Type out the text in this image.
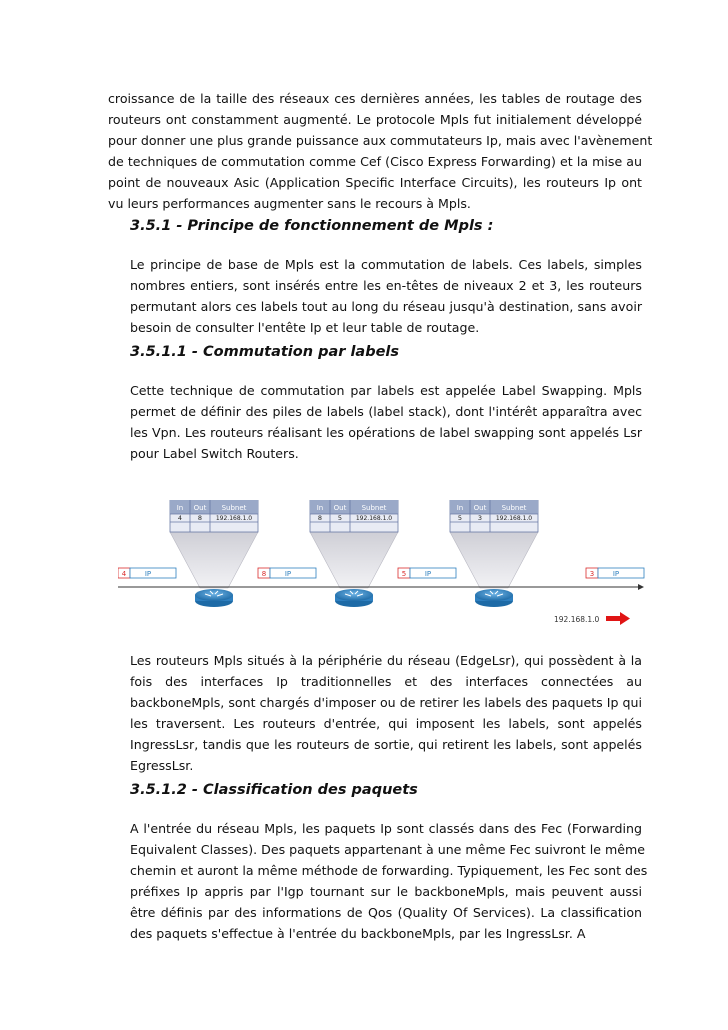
croissance de la taille des réseaux ces dernières années, les tables de routage des
routeurs ont constamment augmenté. Le protocole Mpls fut initialement développé
pour donner une plus grande puissance aux commutateurs Ip, mais avec l'avènement
de techniques de commutation comme Cef (Cisco Express Forwarding) et la mise au
point de nouveaux Asic (Application Specific Interface Circuits), les routeurs Ip ont
vu leurs performances augmenter sans le recours à Mpls.

3.5.1 - Principe de fonctionnement de Mpls :

Le principe de base de Mpls est la commutation de labels. Ces labels, simples
nombres entiers, sont insérés entre les en-têtes de niveaux 2 et 3, les routeurs
permutant alors ces labels tout au long du réseau jusqu'à destination, sans avoir
besoin de consulter l'entête Ip et leur table de routage.

3.5.1.1 - Commutation par labels

Cette technique de commutation par labels est appelée Label Swapping. Mpls
permet de définir des piles de labels (label stack), dont l'intérêt apparaîtra avec
les Vpn. Les routeurs réalisant les opérations de label swapping sont appelés Lsr
pour Label Switch Routers.

In Out Subnet
4 8 192.168.1.0
In Out Subnet
8 5 192.168.1.0
In Out Subnet
5 3 192.168.1.0
4	IP	8	IP	5	IP	3	IP
192.168.1.0

Les routeurs Mpls situés à la périphérie du réseau (EdgeLsr), qui possèdent à la
fois des interfaces Ip traditionnelles et des interfaces connectées au
backboneMpls, sont chargés d'imposer ou de retirer les labels des paquets Ip qui
les traversent. Les routeurs d'entrée, qui imposent les labels, sont appelés
IngressLsr, tandis que les routeurs de sortie, qui retirent les labels, sont appelés
EgressLsr.

3.5.1.2 - Classification des paquets

A l'entrée du réseau Mpls, les paquets Ip sont classés dans des Fec (Forwarding
Equivalent Classes). Des paquets appartenant à une même Fec suivront le même
chemin et auront la même méthode de forwarding. Typiquement, les Fec sont des
préfixes Ip appris par l'Igp tournant sur le backboneMpls, mais peuvent aussi
être définis par des informations de Qos (Quality Of Services). La classification
des paquets s'effectue à l'entrée du backboneMpls, par les IngressLsr. A
